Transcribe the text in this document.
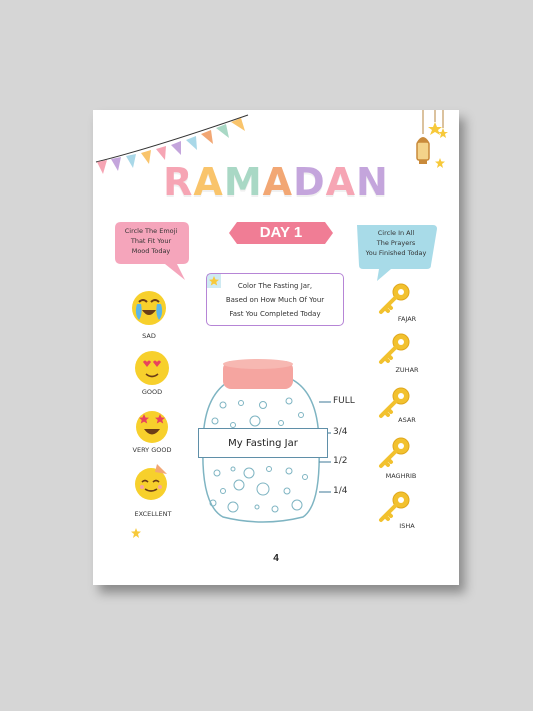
RAMADAN
DAY 1
Circle The Emoji
That Fit Your
Mood Today
Circle In All
The Prayers
You Finished Today
Color The Fasting Jar,
Based on How Much Of Your
Fast You Completed Today
SAD
GOOD
VERY GOOD
EXCELLENT
FAJAR
ZUHAR
ASAR
MAGHRIB
ISHA
My Fasting Jar
FULL
3/4
1/2
1/4
4
